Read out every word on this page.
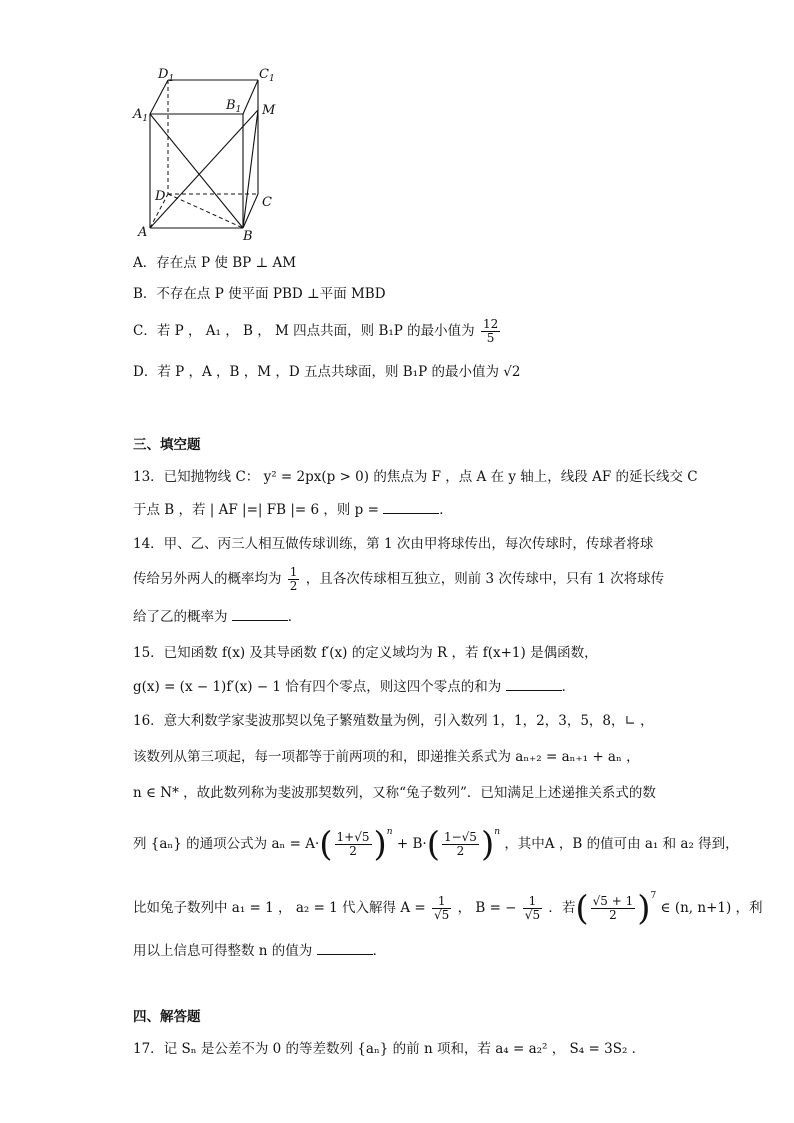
$D_1$	$C_1$
$A_1$
$B_1$ M
D	C
A	B
A．存在点 P 使 BP ⊥ AM
B．不存在点 P 使平面 PBD ⊥平面 MBD
C．若 P ， A₁ ， B ， M 四点共面，则 B₁P 的最小值为 $\frac{12}{5}$
D．若 P ，A ，B ，M ，D 五点共球面，则 B₁P 的最小值为 √2
三、填空题
13．已知抛物线 C： y² = 2px(p > 0) 的焦点为 F ，点 A 在 y 轴上，线段 AF 的延长线交 C
于点 B ，若 | AF |=| FB |= 6 ，则 p =	．
14．甲、乙、丙三人相互做传球训练，第 1 次由甲将球传出，每次传球时，传球者将球
传给另外两人的概率均为 $\frac{1}{2}$ ，且各次传球相互独立，则前 3 次传球中，只有 1 次将球传
给了乙的概率为	．
15．已知函数 f(x) 及其导函数 f′(x) 的定义域均为 R ，若 f(x+1) 是偶函数，
g(x) = (x − 1)f′(x) − 1 恰有四个零点，则这四个零点的和为	．
16．意大利数学家斐波那契以兔子繁殖数量为例，引入数列 1，1，2，3，5，8，∟ ，
该数列从第三项起，每一项都等于前两项的和，即递推关系式为 aₙ₊₂ = aₙ₊₁ + aₙ ，
n ∈ N* ，故此数列称为斐波那契数列，又称“兔子数列”．已知满足上述递推关系式的数
列 {aₙ} 的通项公式为 $a_n = A\cdot( \frac{1+√5}{2} )^n + B\cdot( \frac{1-√5}{2} )^n$ ，其中A ，B 的值可由 a₁ 和 a₂ 得到，
比如兔子数列中 a₁ = 1 ， a₂ = 1 代入解得 $A = \frac{1}{√5}$ ， B = − $\frac{1}{√5}$ ．若( $\frac{√5 + 1}{2} )^7$ ∈ (n, n+1) ，利
用以上信息可得整数 n 的值为	．
四、解答题
17．记 Sₙ 是公差不为 0 的等差数列 {aₙ} 的前 n 项和，若 a₄ = a₂² ， S₄ = 3S₂ ．
